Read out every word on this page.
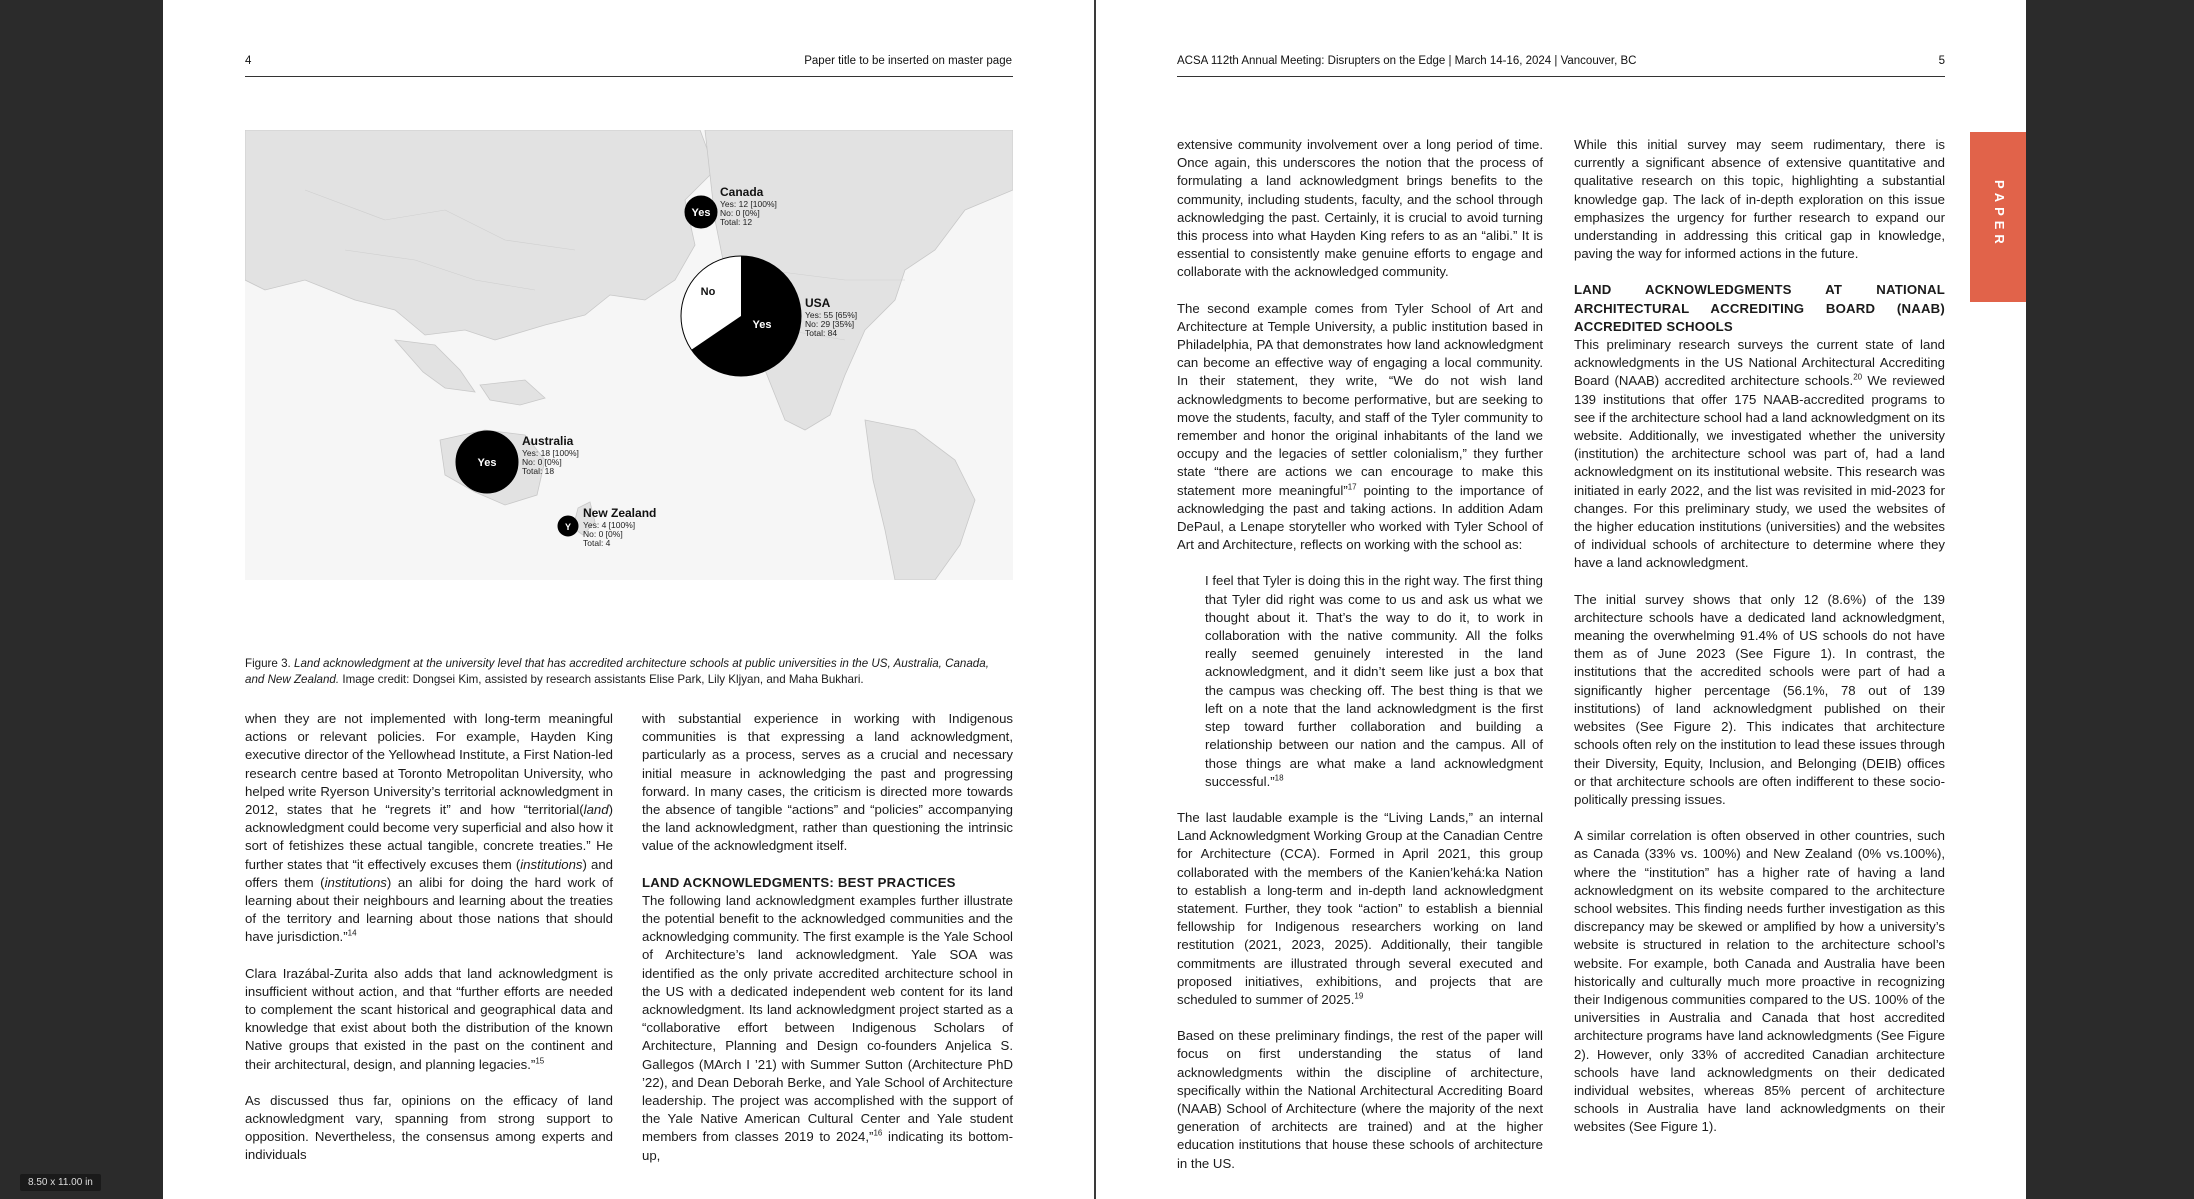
4	Paper title to be inserted on master page
Yes
Canada
Yes: 12 [100%]
No: 0 [0%]
Total: 12
Yes
No
USA
Yes: 55 [65%]
No: 29 [35%]
Total: 84
Yes
Australia
Yes: 18 [100%]
No: 0 [0%]
Total: 18
Y
New Zealand
Yes: 4 [100%]
No: 0 [0%]
Total: 4
Figure 3. Land acknowledgment at the university level that has accredited architecture schools at public universities in the US, Australia, Canada, and New Zealand. Image credit: Dongsei Kim, assisted by research assistants Elise Park, Lily Kljyan, and Maha Bukhari.

when they are not implemented with long-term meaningful actions or relevant policies. For example, Hayden King executive director of the Yellowhead Institute, a First Nation-led research centre based at Toronto Metropolitan University, who helped write Ryerson University’s territorial acknowledgment in 2012, states that he “regrets it” and how “territorial(land) acknowledgment could become very superficial and also how it sort of fetishizes these actual tangible, concrete treaties.” He further states that “it effectively excuses them (institutions) and offers them (institutions) an alibi for doing the hard work of learning about their neighbours and learning about the treaties of the territory and learning about those nations that should have jurisdiction.”$^{14}$

Clara Irazábal-Zurita also adds that land acknowledgment is insufficient without action, and that “further efforts are needed to complement the scant historical and geographical data and knowledge that exist about both the distribution of the known Native groups that existed in the past on the continent and their architectural, design, and planning legacies.”$^{15}$

As discussed thus far, opinions on the efficacy of land acknowledgment vary, spanning from strong support to opposition. Nevertheless, the consensus among experts and individuals

with substantial experience in working with Indigenous communities is that expressing a land acknowledgment, particularly as a process, serves as a crucial and necessary initial measure in acknowledging the past and progressing forward. In many cases, the criticism is directed more towards the absence of tangible “actions” and “policies” accompanying the land acknowledgment, rather than questioning the intrinsic value of the acknowledgment itself.

LAND ACKNOWLEDGMENTS: BEST PRACTICES

The following land acknowledgment examples further illustrate the potential benefit to the acknowledged communities and the acknowledging community. The first example is the Yale School of Architecture’s land acknowledgment. Yale SOA was identified as the only private accredited architecture school in the US with a dedicated independent web content for its land acknowledgment. Its land acknowledgment project started as a “collaborative effort between Indigenous Scholars of Architecture, Planning and Design co-founders Anjelica S. Gallegos (MArch I ’21) with Summer Sutton (Architecture PhD ’22), and Dean Deborah Berke, and Yale School of Architecture leadership. The project was accomplished with the support of the Yale Native American Cultural Center and Yale student members from classes 2019 to 2024,”$^{16}$ indicating its bottom-up,

ACSA 112th Annual Meeting: Disrupters on the Edge | March 14-16, 2024 | Vancouver, BC	5

extensive community involvement over a long period of time. Once again, this underscores the notion that the process of formulating a land acknowledgment brings benefits to the community, including students, faculty, and the school through acknowledging the past. Certainly, it is crucial to avoid turning this process into what Hayden King refers to as an “alibi.” It is essential to consistently make genuine efforts to engage and collaborate with the acknowledged community.

The second example comes from Tyler School of Art and Architecture at Temple University, a public institution based in Philadelphia, PA that demonstrates how land acknowledgment can become an effective way of engaging a local community. In their statement, they write, “We do not wish land acknowledgments to become performative, but are seeking to move the students, faculty, and staff of the Tyler community to remember and honor the original inhabitants of the land we occupy and the legacies of settler colonialism,” they further state “there are actions we can encourage to make this statement more meaningful”$^{17}$ pointing to the importance of acknowledging the past and taking actions. In addition Adam DePaul, a Lenape storyteller who worked with Tyler School of Art and Architecture, reflects on working with the school as:

I feel that Tyler is doing this in the right way. The first thing that Tyler did right was come to us and ask us what we thought about it. That’s the way to do it, to work in collaboration with the native community. All the folks really seemed genuinely interested in the land acknowledgment, and it didn’t seem like just a box that the campus was checking off. The best thing is that we left on a note that the land acknowledgment is the first step toward further collaboration and building a relationship between our nation and the campus. All of those things are what make a land acknowledgment successful.”$^{18}$

The last laudable example is the “Living Lands,” an internal Land Acknowledgment Working Group at the Canadian Centre for Architecture (CCA). Formed in April 2021, this group collaborated with the members of the Kanien’kehá:ka Nation to establish a long-term and in-depth land acknowledgment statement. Further, they took “action” to establish a biennial fellowship for Indigenous researchers working on land restitution (2021, 2023, 2025). Additionally, their tangible commitments are illustrated through several executed and proposed initiatives, exhibitions, and projects that are scheduled to summer of 2025.19

Based on these preliminary findings, the rest of the paper will focus on first understanding the status of land acknowledgments within the discipline of architecture, specifically within the National Architectural Accrediting Board (NAAB) School of Architecture (where the majority of the next generation of architects are trained) and at the higher education institutions that house these schools of architecture in the US.

While this initial survey may seem rudimentary, there is currently a significant absence of extensive quantitative and qualitative research on this topic, highlighting a substantial knowledge gap. The lack of in-depth exploration on this issue emphasizes the urgency for further research to expand our understanding in addressing this critical gap in knowledge, paving the way for informed actions in the future.

LAND ACKNOWLEDGMENTS AT NATIONAL ARCHITECTURAL ACCREDITING BOARD (NAAB) ACCREDITED SCHOOLS

This preliminary research surveys the current state of land acknowledgments in the US National Architectural Accrediting Board (NAAB) accredited architecture schools.$^{20}$ We reviewed 139 institutions that offer 175 NAAB-accredited programs to see if the architecture school had a land acknowledgment on its website. Additionally, we investigated whether the university (institution) the architecture school was part of, had a land acknowledgment on its institutional website. This research was initiated in early 2022, and the list was revisited in mid-2023 for changes. For this preliminary study, we used the websites of the higher education institutions (universities) and the websites of individual schools of architecture to determine where they have a land acknowledgment.

The initial survey shows that only 12 (8.6%) of the 139 architecture schools have a dedicated land acknowledgment, meaning the overwhelming 91.4% of US schools do not have them as of June 2023 (See Figure 1). In contrast, the institutions that the accredited schools were part of had a significantly higher percentage (56.1%, 78 out of 139 institutions) of land acknowledgment published on their websites (See Figure 2). This indicates that architecture schools often rely on the institution to lead these issues through their Diversity, Equity, Inclusion, and Belonging (DEIB) offices or that architecture schools are often indifferent to these socio-politically pressing issues.

A similar correlation is often observed in other countries, such as Canada (33% vs. 100%) and New Zealand (0% vs.100%), where the “institution” has a higher rate of having a land acknowledgment on its website compared to the architecture school websites. This finding needs further investigation as this discrepancy may be skewed or amplified by how a university’s website is structured in relation to the architecture school’s website. For example, both Canada and Australia have been historically and culturally much more proactive in recognizing their Indigenous communities compared to the US. 100% of the universities in Australia and Canada that host accredited architecture programs have land acknowledgments (See Figure 2). However, only 33% of accredited Canadian architecture schools have land acknowledgments on their dedicated individual websites, whereas 85% percent of architecture schools in Australia have land acknowledgments on their websites (See Figure 1).

PAPER
8.50 x 11.00 in
